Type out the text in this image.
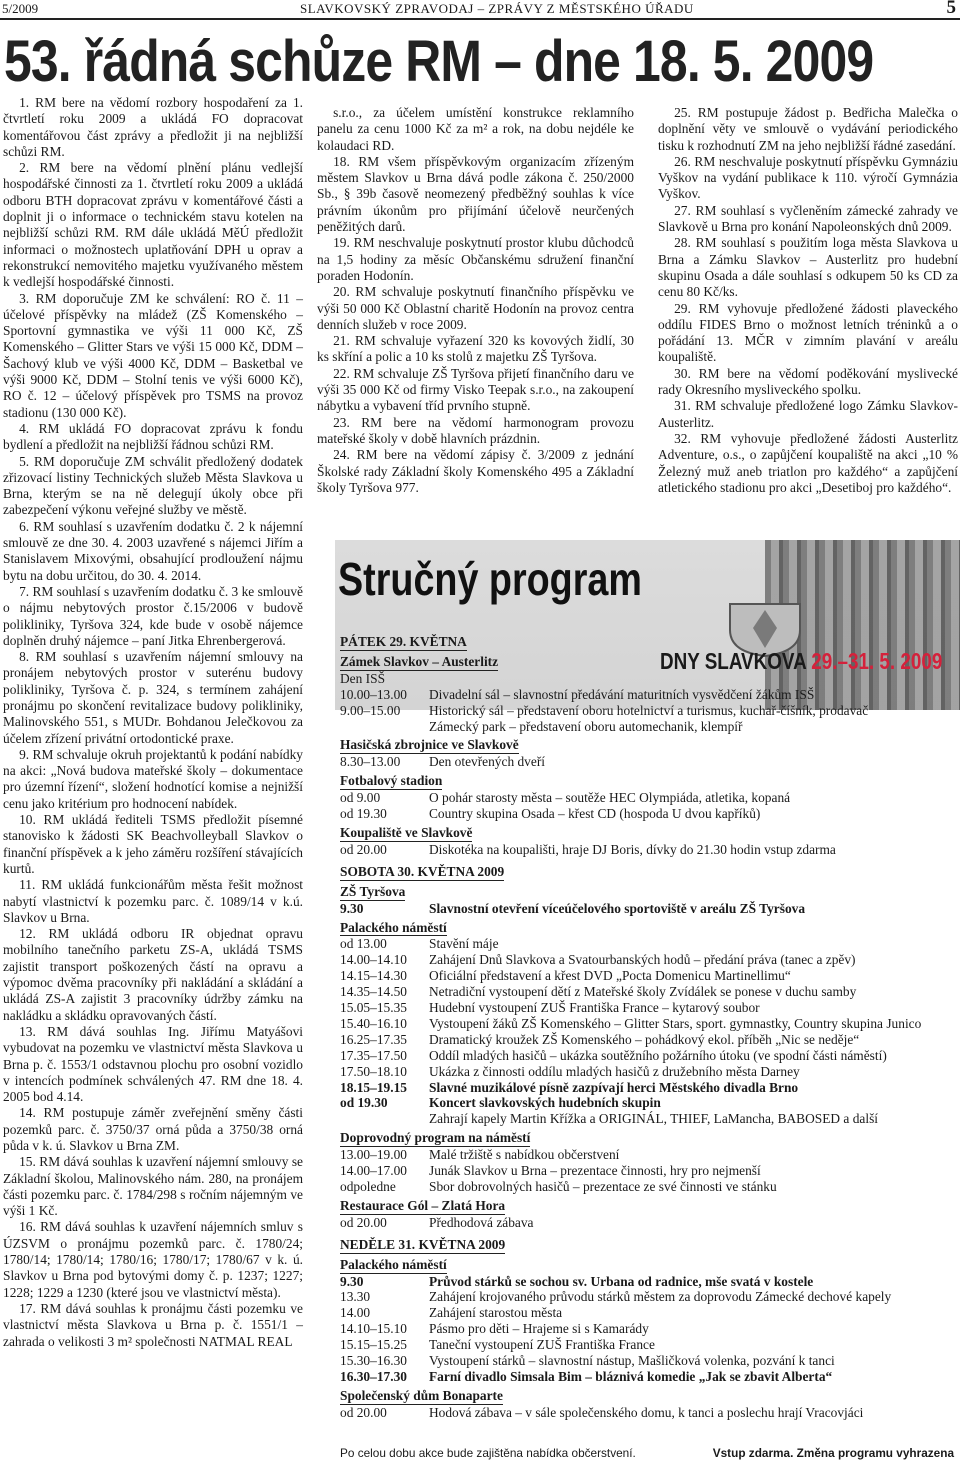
5/2009	SLAVKOVSKÝ ZPRAVODAJ – ZPRÁVY Z MĚSTSKÉHO ÚŘADU	5
53. řádná schůze RM – dne 18. 5. 2009

1. RM bere na vědomí rozbory hospodaření za 1. čtvrtletí roku 2009 a ukládá FO dopracovat komentářovou část zprávy a předložit ji na nejbližší schůzi RM.

2. RM bere na vědomí plnění plánu vedlejší hospodářské činnosti za 1. čtvrtletí roku 2009 a ukládá odboru BTH dopracovat zprávu v komentářové části a doplnit ji o informace o technickém stavu kotelen na nejbližší schůzi RM. RM dále ukládá MěÚ předložit informaci o možnostech uplatňování DPH u oprav a rekonstrukcí nemovitého majetku využívaného městem k vedlejší hospodářské činnosti.

3. RM doporučuje ZM ke schválení: RO č. 11 – účelové příspěvky na mládež (ZŠ Komenského – Sportovní gymnastika ve výši 11 000 Kč, ZŠ Komenského – Glitter Stars ve výši 15 000 Kč, DDM – Šachový klub ve výši 4000 Kč, DDM – Basketbal ve výši 9000 Kč, DDM – Stolní tenis ve výši 6000 Kč), RO č. 12 – účelový příspěvek pro TSMS na provoz stadionu (130 000 Kč).

4. RM ukládá FO dopracovat zprávu k fondu bydlení a předložit na nejbližší řádnou schůzi RM.

5. RM doporučuje ZM schválit předložený dodatek zřizovací listiny Technických služeb Města Slavkova u Brna, kterým se na ně delegují úkoly obce při zabezpečení výkonu veřejné služby ve městě.

6. RM souhlasí s uzavřením dodatku č. 2 k nájemní smlouvě ze dne 30. 4. 2003 uzavřené s nájemci Jiřím a Stanislavem Mixovými, obsahující prodloužení nájmu bytu na dobu určitou, do 30. 4. 2014.

7. RM souhlasí s uzavřením dodatku č. 3 ke smlouvě o nájmu nebytových prostor č.15/2006 v budově polikliniky, Tyršova 324, kde bude v osobě nájemce doplněn druhý nájemce – paní Jitka Ehrenbergerová.

8. RM souhlasí s uzavřením nájemní smlouvy na pronájem nebytových prostor v suterénu budovy polikliniky, Tyršova č. p. 324, s termínem zahájení pronájmu po skončení revitalizace budovy polikliniky, Malinovského 551, s MUDr. Bohdanou Jelečkovou za účelem zřízení privátní ortodontické praxe.

9. RM schvaluje okruh projektantů k podání nabídky na akci: „Nová budova mateřské školy – dokumentace pro územní řízení“, složení hodnotící komise a nejnižší cenu jako kritérium pro hodnocení nabídek.

10. RM ukládá řediteli TSMS předložit písemné stanovisko k žádosti SK Beachvolleyball Slavkov o finanční příspěvek a k jeho záměru rozšíření stávajících kurtů.

11. RM ukládá funkcionářům města řešit možnost nabytí vlastnictví k pozemku parc. č. 1089/14 v k.ú. Slavkov u Brna.

12. RM ukládá odboru IR objednat opravu mobilního tanečního parketu ZS-A, ukládá TSMS zajistit transport poškozených částí na opravu a výpomoc dvěma pracovníky při nakládání a skládání a ukládá ZS-A zajistit 3 pracovníky údržby zámku na nakládku a skládku opravovaných částí.

13. RM dává souhlas Ing. Jiřímu Matyášovi vybudovat na pozemku ve vlastnictví města Slavkova u Brna p. č. 1553/1 odstavnou plochu pro osobní vozidlo v intencích podmínek schválených 47. RM dne 18. 4. 2005 bod 4.14.

14. RM postupuje záměr zveřejnění směny části pozemků parc. č. 3750/37 orná půda a 3750/38 orná půda v k. ú. Slavkov u Brna ZM.

15. RM dává souhlas k uzavření nájemní smlouvy se Základní školou, Malinovského nám. 280, na pronájem části pozemku parc. č. 1784/298 s ročním nájemným ve výši 1 Kč.

16. RM dává souhlas k uzavření nájemních smluv s ÚZSVM o pronájmu pozemků parc. č. 1780/24; 1780/14; 1780/14; 1780/16; 1780/17; 1780/67 v k. ú. Slavkov u Brna pod bytovými domy č. p. 1237; 1227; 1228; 1229 a 1230 (které jsou ve vlastnictví města).

17. RM dává souhlas k pronájmu části pozemku ve vlastnictví města Slavkova u Brna p. č. 1551/1 – zahrada o velikosti 3 m² společnosti NATMAL REAL

s.r.o., za účelem umístění konstrukce reklamního panelu za cenu 1000 Kč za m² a rok, na dobu nejdéle ke kolaudaci RD.

18. RM všem příspěvkovým organizacím zřízeným městem Slavkov u Brna dává podle zákona č. 250/2000 Sb., § 39b časově neomezený předběžný souhlas k více právním úkonům pro přijímání účelově neurčených peněžitých darů.

19. RM neschvaluje poskytnutí prostor klubu důchodců na 1,5 hodiny za měsíc Občanskému sdružení finanční poraden Hodonín.

20. RM schvaluje poskytnutí finančního příspěvku ve výši 50 000 Kč Oblastní charitě Hodonín na provoz centra denních služeb v roce 2009.

21. RM schvaluje vyřazení 320 ks kovových židlí, 30 ks skříní a polic a 10 ks stolů z majetku ZŠ Tyršova.

22. RM schvaluje ZŠ Tyršova přijetí finančního daru ve výši 35 000 Kč od firmy Visko Teepak s.r.o., na zakoupení nábytku a vybavení tříd prvního stupně.

23. RM bere na vědomí harmonogram provozu mateřské školy v době hlavních prázdnin.

24. RM bere na vědomí zápisy č. 3/2009 z jednání Školské rady Základní školy Komenského 495 a Základní školy Tyršova 977.

25. RM postupuje žádost p. Bedřicha Malečka o doplnění věty ve smlouvě o vydávání periodického tisku k rozhodnutí ZM na jeho nejbližší řádné zasedání.

26. RM neschvaluje poskytnutí příspěvku Gymnáziu Vyškov na vydání publikace k 110. výročí Gymnázia Vyškov.

27. RM souhlasí s vyčleněním zámecké zahrady ve Slavkově u Brna pro konání Napoleonských dnů 2009.

28. RM souhlasí s použitím loga města Slavkova u Brna a Zámku Slavkov – Austerlitz pro hudební skupinu Osada a dále souhlasí s odkupem 50 ks CD za cenu 80 Kč/ks.

29. RM vyhovuje předložené žádosti plaveckého oddílu FIDES Brno o možnost letních tréninků a o pořádání 13. MČR v zimním plavání v areálu koupaliště.

30. RM bere na vědomí poděkování myslivecké rady Okresního mysliveckého spolku.

31. RM schvaluje předložené logo Zámku Slavkov-Austerlitz.

32. RM vyhovuje předložené žádosti Austerlitz Adventure, o.s., o zapůjčení koupaliště na akci „10 % Železný muž aneb triatlon pro každého“ a zapůjčení atletického stadionu pro akci „Desetiboj pro každého“.

Stručný program
DNY SLAVKOVA 29.–31. 5. 2009
PÁTEK 29. KVĚTNA
Zámek Slavkov – Austerlitz
Den ISŠ
10.00–13.00	Divadelní sál – slavnostní předávání maturitních vysvědčení žákům ISŠ
9.00–15.00	Historický sál – představení oboru hotelnictví a turismus, kuchař-číšník, prodavač
Zámecký park – představení oboru automechanik, klempíř
Hasičská zbrojnice ve Slavkově
8.30–13.00	Den otevřených dveří
Fotbalový stadion
od 9.00	O pohár starosty města – soutěže HEC Olympiáda, atletika, kopaná
od 19.30	Country skupina Osada – křest CD (hospoda U dvou kapříků)
Koupaliště ve Slavkově
od 20.00	Diskotéka na koupališti, hraje DJ Boris, dívky do 21.30 hodin vstup zdarma
SOBOTA 30. KVĚTNA 2009
ZŠ Tyršova
9.30	Slavnostní otevření víceúčelového sportoviště v areálu ZŠ Tyršova
Palackého náměstí
od 13.00	Stavění máje
14.00–14.10	Zahájení Dnů Slavkova a Svatourbanských hodů – předání práva (tanec a zpěv)
14.15–14.30	Oficiální představení a křest DVD „Pocta Domenicu Martinellimu“
14.35–14.50	Netradiční vystoupení dětí z Mateřské školy Zvídálek se ponese v duchu samby
15.05–15.35	Hudební vystoupení ZUŠ Františka France – kytarový soubor
15.40–16.10	Vystoupení žáků ZŠ Komenského – Glitter Stars, sport. gymnastky, Country skupina Junico
16.25–17.35	Dramatický kroužek ZŠ Komenského – pohádkový ekol. příběh „Nic se neděje“
17.35–17.50	Oddíl mladých hasičů – ukázka soutěžního požárního útoku (ve spodní části náměstí)
17.50–18.10	Ukázka z činnosti oddílu mladých hasičů z družebního města Darney
18.15–19.15	Slavné muzikálové písně zazpívají herci Městského divadla Brno
od 19.30	Koncert slavkovských hudebních skupin
Zahrají kapely Martin Křížka a ORIGINÁL, THIEF, LaMancha, BABOSED a další
Doprovodný program na náměstí
13.00–19.00	Malé tržiště s nabídkou občerstvení
14.00–17.00	Junák Slavkov u Brna – prezentace činnosti, hry pro nejmenší
odpoledne	Sbor dobrovolných hasičů – prezentace ze své činnosti ve stánku
Restaurace Gól – Zlatá Hora
od 20.00	Předhodová zábava
NEDĚLE 31. KVĚTNA 2009
Palackého náměstí
9.30	Průvod stárků se sochou sv. Urbana od radnice, mše svatá v kostele
13.30	Zahájení krojovaného průvodu stárků městem za doprovodu Zámecké dechové kapely
14.00	Zahájení starostou města
14.10–15.10	Pásmo pro děti – Hrajeme si s Kamarády
15.15–15.25	Taneční vystoupení ZUŠ Františka France
15.30–16.30	Vystoupení stárků – slavnostní nástup, Mašličková volenka, pozvání k tanci
16.30–17.30	Farní divadlo Simsala Bim – bláznivá komedie „Jak se zbavit Alberta“
Společenský dům Bonaparte
od 20.00	Hodová zábava – v sále společenského domu, k tanci a poslechu hrají Vracovjáci
Po celou dobu akce bude zajištěna nabídka občerstvení.	Vstup zdarma. Změna programu vyhrazena
